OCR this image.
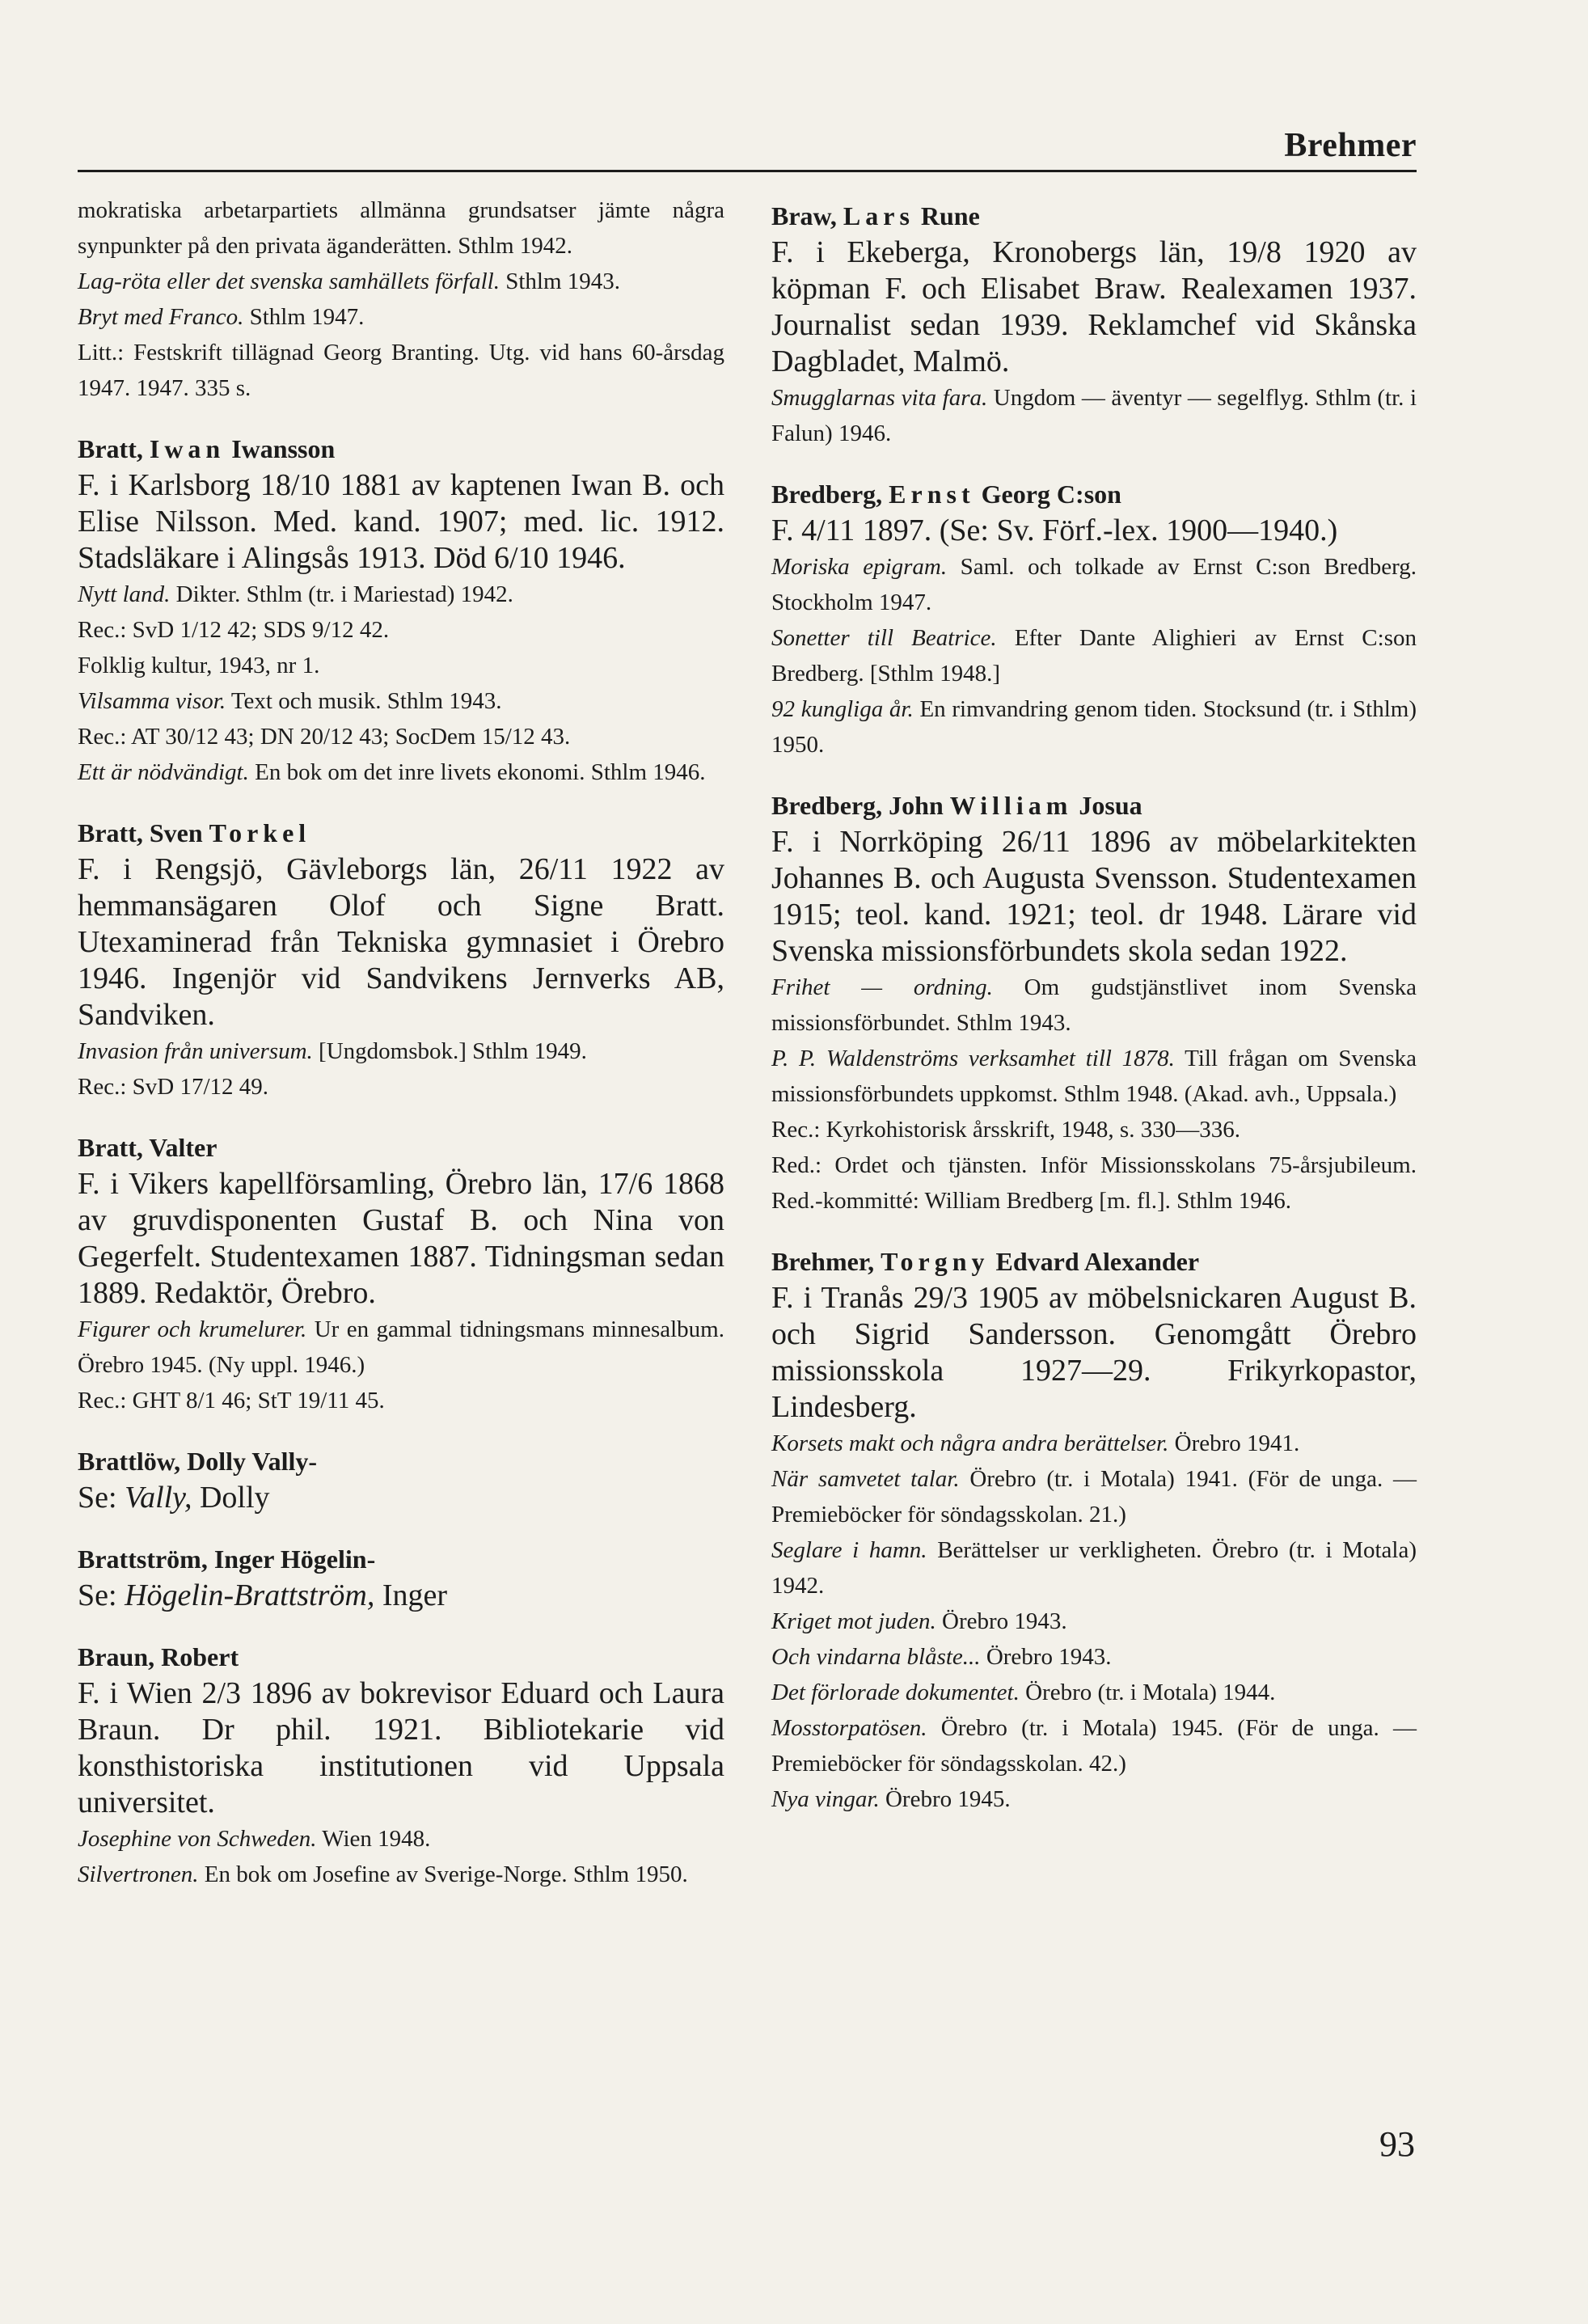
Brehmer
mokratiska arbetarpartiets allmänna grundsatser jämte några synpunkter på den privata äganderätten. Sthlm 1942.
Lag-röta eller det svenska samhällets förfall. Sthlm 1943.
Bryt med Franco. Sthlm 1947.
Litt.: Festskrift tillägnad Georg Branting. Utg. vid hans 60-årsdag 1947. 1947. 335 s.
Bratt, Iwan Iwansson
F. i Karlsborg 18/10 1881 av kaptenen Iwan B. och Elise Nilsson. Med. kand. 1907; med. lic. 1912. Stadsläkare i Alingsås 1913. Död 6/10 1946.
Nytt land. Dikter. Sthlm (tr. i Mariestad) 1942.
Rec.: SvD 1/12 42; SDS 9/12 42.
Folklig kultur, 1943, nr 1.
Vilsamma visor. Text och musik. Sthlm 1943.
Rec.: AT 30/12 43; DN 20/12 43; SocDem 15/12 43.
Ett är nödvändigt. En bok om det inre livets ekonomi. Sthlm 1946.
Bratt, Sven Torkel
F. i Rengsjö, Gävleborgs län, 26/11 1922 av hemmansägaren Olof och Signe Bratt. Utexaminerad från Tekniska gymnasiet i Örebro 1946. Ingenjör vid Sandvikens Jernverks AB, Sandviken.
Invasion från universum. [Ungdomsbok.] Sthlm 1949.
Rec.: SvD 17/12 49.
Bratt, Valter
F. i Vikers kapellförsamling, Örebro län, 17/6 1868 av gruvdisponenten Gustaf B. och Nina von Gegerfelt. Studentexamen 1887. Tidningsman sedan 1889. Redaktör, Örebro.
Figurer och krumelurer. Ur en gammal tidningsmans minnesalbum. Örebro 1945. (Ny uppl. 1946.)
Rec.: GHT 8/1 46; StT 19/11 45.
Brattlöw, Dolly Vally-
Se: Vally, Dolly
Brattström, Inger Högelin-
Se: Högelin-Brattström, Inger
Braun, Robert
F. i Wien 2/3 1896 av bokrevisor Eduard och Laura Braun. Dr phil. 1921. Bibliotekarie vid konsthistoriska institutionen vid Uppsala universitet.
Josephine von Schweden. Wien 1948.
Silvertronen. En bok om Josefine av Sverige-Norge. Sthlm 1950.
Braw, Lars Rune
F. i Ekeberga, Kronobergs län, 19/8 1920 av köpman F. och Elisabet Braw. Realexamen 1937. Journalist sedan 1939. Reklamchef vid Skånska Dagbladet, Malmö.
Smugglarnas vita fara. Ungdom — äventyr — segelflyg. Sthlm (tr. i Falun) 1946.
Bredberg, Ernst Georg C:son
F. 4/11 1897. (Se: Sv. Förf.-lex. 1900—1940.)
Moriska epigram. Saml. och tolkade av Ernst C:son Bredberg. Stockholm 1947.
Sonetter till Beatrice. Efter Dante Alighieri av Ernst C:son Bredberg. [Sthlm 1948.]
92 kungliga år. En rimvandring genom tiden. Stocksund (tr. i Sthlm) 1950.
Bredberg, John William Josua
F. i Norrköping 26/11 1896 av möbelarkitekten Johannes B. och Augusta Svensson. Studentexamen 1915; teol. kand. 1921; teol. dr 1948. Lärare vid Svenska missionsförbundets skola sedan 1922.
Frihet — ordning. Om gudstjänstlivet inom Svenska missionsförbundet. Sthlm 1943.
P. P. Waldenströms verksamhet till 1878. Till frågan om Svenska missionsförbundets uppkomst. Sthlm 1948. (Akad. avh., Uppsala.)
Rec.: Kyrkohistorisk årsskrift, 1948, s. 330—336.
Red.: Ordet och tjänsten. Inför Missionsskolans 75-årsjubileum. Red.-kommitté: William Bredberg [m. fl.]. Sthlm 1946.
Brehmer, Torgny Edvard Alexander
F. i Tranås 29/3 1905 av möbelsnickaren August B. och Sigrid Sandersson. Genomgått Örebro missionsskola 1927—29. Frikyrkopastor, Lindesberg.
Korsets makt och några andra berättelser. Örebro 1941.
När samvetet talar. Örebro (tr. i Motala) 1941. (För de unga. — Premieböcker för söndagsskolan. 21.)
Seglare i hamn. Berättelser ur verkligheten. Örebro (tr. i Motala) 1942.
Kriget mot juden. Örebro 1943.
Och vindarna blåste... Örebro 1943.
Det förlorade dokumentet. Örebro (tr. i Motala) 1944.
Mosstorpatösen. Örebro (tr. i Motala) 1945. (För de unga. — Premieböcker för söndagsskolan. 42.)
Nya vingar. Örebro 1945.
93
